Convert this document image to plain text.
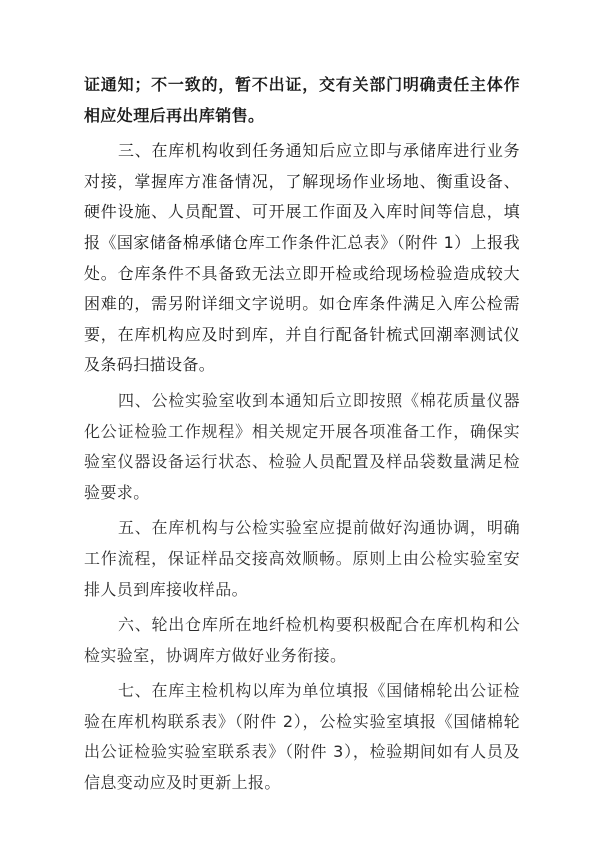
证通知；不一致的，暂不出证，交有关部门明确责任主体作相应处理后再出库销售。

三、在库机构收到任务通知后应立即与承储库进行业务对接，掌握库方准备情况，了解现场作业场地、衡重设备、硬件设施、人员配置、可开展工作面及入库时间等信息，填报《国家储备棉承储仓库工作条件汇总表》（附件 1）上报我处。仓库条件不具备致无法立即开检或给现场检验造成较大困难的，需另附详细文字说明。如仓库条件满足入库公检需要，在库机构应及时到库，并自行配备针梳式回潮率测试仪及条码扫描设备。

四、公检实验室收到本通知后立即按照《棉花质量仪器化公证检验工作规程》相关规定开展各项准备工作，确保实验室仪器设备运行状态、检验人员配置及样品袋数量满足检验要求。

五、在库机构与公检实验室应提前做好沟通协调，明确工作流程，保证样品交接高效顺畅。原则上由公检实验室安排人员到库接收样品。

六、轮出仓库所在地纤检机构要积极配合在库机构和公检实验室，协调库方做好业务衔接。

七、在库主检机构以库为单位填报《国储棉轮出公证检验在库机构联系表》（附件 2），公检实验室填报《国储棉轮出公证检验实验室联系表》（附件 3），检验期间如有人员及信息变动应及时更新上报。
